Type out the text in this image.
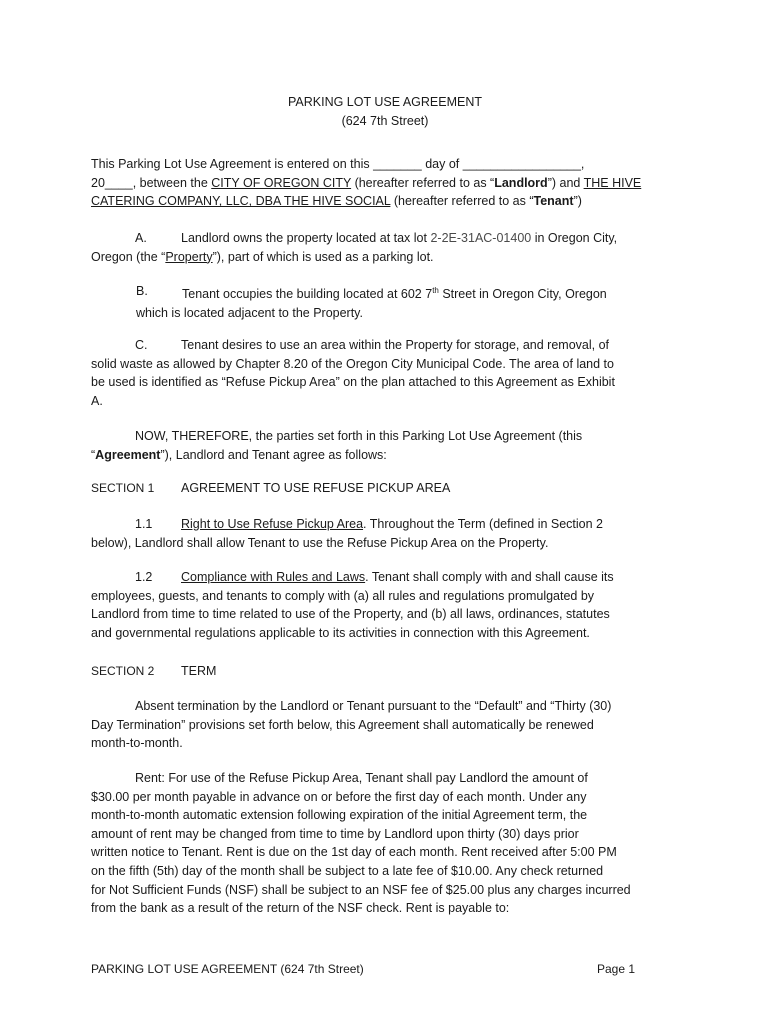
PARKING LOT USE AGREEMENT
(624 7th Street)
This Parking Lot Use Agreement is entered on this _______ day of _________________,
20____, between the CITY OF OREGON CITY (hereafter referred to as “Landlord”) and THE HIVE
CATERING COMPANY, LLC, DBA THE HIVE SOCIAL (hereafter referred to as “Tenant”)
A.	Landlord owns the property located at tax lot 2-2E-31AC-01400 in Oregon City,
Oregon (the “Property”), part of which is used as a parking lot.
B.	Tenant occupies the building located at 602 7th Street in Oregon City, Oregon
which is located adjacent to the Property.
C.	Tenant desires to use an area within the Property for storage, and removal, of
solid waste as allowed by Chapter 8.20 of the Oregon City Municipal Code. The area of land to
be used is identified as “Refuse Pickup Area” on the plan attached to this Agreement as Exhibit
A.
NOW, THEREFORE, the parties set forth in this Parking Lot Use Agreement (this
“Agreement”), Landlord and Tenant agree as follows:
SECTION 1 AGREEMENT TO USE REFUSE PICKUP AREA
1.1 Right to Use Refuse Pickup Area. Throughout the Term (defined in Section 2
below), Landlord shall allow Tenant to use the Refuse Pickup Area on the Property.
1.2 Compliance with Rules and Laws. Tenant shall comply with and shall cause its
employees, guests, and tenants to comply with (a) all rules and regulations promulgated by
Landlord from time to time related to use of the Property, and (b) all laws, ordinances, statutes
and governmental regulations applicable to its activities in connection with this Agreement.
SECTION 2 TERM
Absent termination by the Landlord or Tenant pursuant to the “Default” and “Thirty (30)
Day Termination” provisions set forth below, this Agreement shall automatically be renewed
month-to-month.
Rent: For use of the Refuse Pickup Area, Tenant shall pay Landlord the amount of
$30.00 per month payable in advance on or before the first day of each month. Under any
month-to-month automatic extension following expiration of the initial Agreement term, the
amount of rent may be changed from time to time by Landlord upon thirty (30) days prior
written notice to Tenant. Rent is due on the 1st day of each month. Rent received after 5:00 PM
on the fifth (5th) day of the month shall be subject to a late fee of $10.00. Any check returned
for Not Sufficient Funds (NSF) shall be subject to an NSF fee of $25.00 plus any charges incurred
from the bank as a result of the return of the NSF check. Rent is payable to:
PARKING LOT USE AGREEMENT (624 7th Street)	Page 1
